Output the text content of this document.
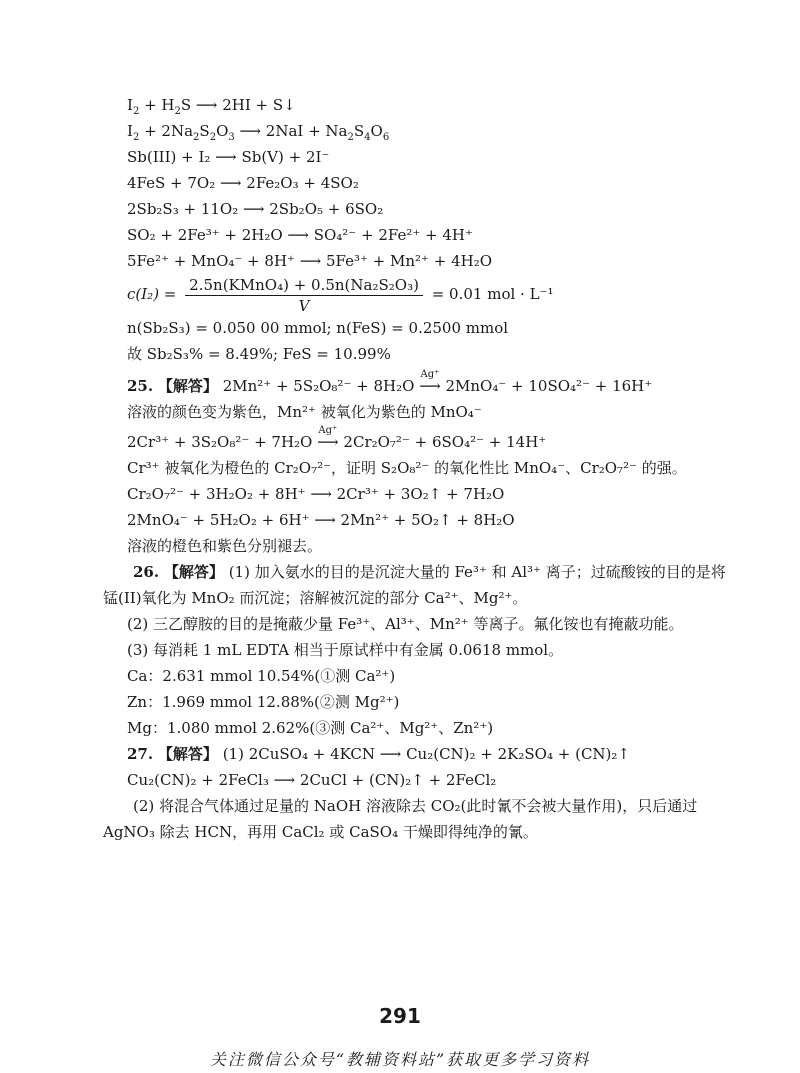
$I_2 + H_2S$ ⟶ 2HI + S↓
$I_2 + 2Na_2S_2O_3$ ⟶ $2NaI + Na_2S_4O_6$
Sb(III) + I₂ ⟶ Sb(V) + 2I⁻
4FeS + 7O₂ ⟶ 2Fe₂O₃ + 4SO₂
2Sb₂S₃ + 11O₂ ⟶ 2Sb₂O₅ + 6SO₂
SO₂ + 2Fe³⁺ + 2H₂O ⟶ SO₄²⁻ + 2Fe²⁺ + 4H⁺
5Fe²⁺ + MnO₄⁻ + 8H⁺ ⟶ 5Fe³⁺ + Mn²⁺ + 4H₂O
$c(I_2) = \frac{\text{2.5n(KMnO₄) + 0.5n(Na₂S₂O₃)}}{V} = 0.01$ mol · L⁻¹
n(Sb₂S₃) = 0.050 00 mmol; n(FeS) = 0.2500 mmol
故 Sb₂S₃% = 8.49%; FeS = 10.99%
25. 【解答】 2Mn²⁺ + 5S₂O₈²⁻ + 8H₂O
Ag⁺
⟶ 2MnO₄⁻ + 10SO₄²⁻ + 16H⁺
溶液的颜色变为紫色，Mn²⁺ 被氧化为紫色的 MnO₄⁻
2Cr³⁺ + 3S₂O₈²⁻ + 7H₂O
Ag⁺
⟶ 2Cr₂O₇²⁻ + 6SO₄²⁻ + 14H⁺
Cr³⁺ 被氧化为橙色的 Cr₂O₇²⁻，证明 S₂O₈²⁻ 的氧化性比 MnO₄⁻、Cr₂O₇²⁻ 的强。
Cr₂O₇²⁻ + 3H₂O₂ + 8H⁺ ⟶ 2Cr³⁺ + 3O₂↑ + 7H₂O
2MnO₄⁻ + 5H₂O₂ + 6H⁺ ⟶ 2Mn²⁺ + 5O₂↑ + 8H₂O
溶液的橙色和紫色分别褪去。
26. 【解答】 (1) 加入氨水的目的是沉淀大量的 Fe³⁺ 和 Al³⁺ 离子；过硫酸铵的目的是将锰(II)氧化为 MnO₂ 而沉淀；溶解被沉淀的部分 Ca²⁺、Mg²⁺。
(2) 三乙醇胺的目的是掩蔽少量 Fe³⁺、Al³⁺、Mn²⁺ 等离子。氟化铵也有掩蔽功能。
(3) 每消耗 1 mL EDTA 相当于原试样中有金属 0.0618 mmol。
Ca：2.631 mmol 10.54%(①测 Ca²⁺)
Zn：1.969 mmol 12.88%(②测 Mg²⁺)
Mg：1.080 mmol 2.62%(③测 Ca²⁺、Mg²⁺、Zn²⁺)
27. 【解答】 (1) 2CuSO₄ + 4KCN ⟶ Cu₂(CN)₂ + 2K₂SO₄ + (CN)₂↑
Cu₂(CN)₂ + 2FeCl₃ ⟶ 2CuCl + (CN)₂↑ + 2FeCl₂
(2) 将混合气体通过足量的 NaOH 溶液除去 CO₂(此时氰不会被大量作用)，只后通过 AgNO₃ 除去 HCN，再用 CaCl₂ 或 CaSO₄ 干燥即得纯净的氰。
291
关注微信公众号“教辅资料站”获取更多学习资料
